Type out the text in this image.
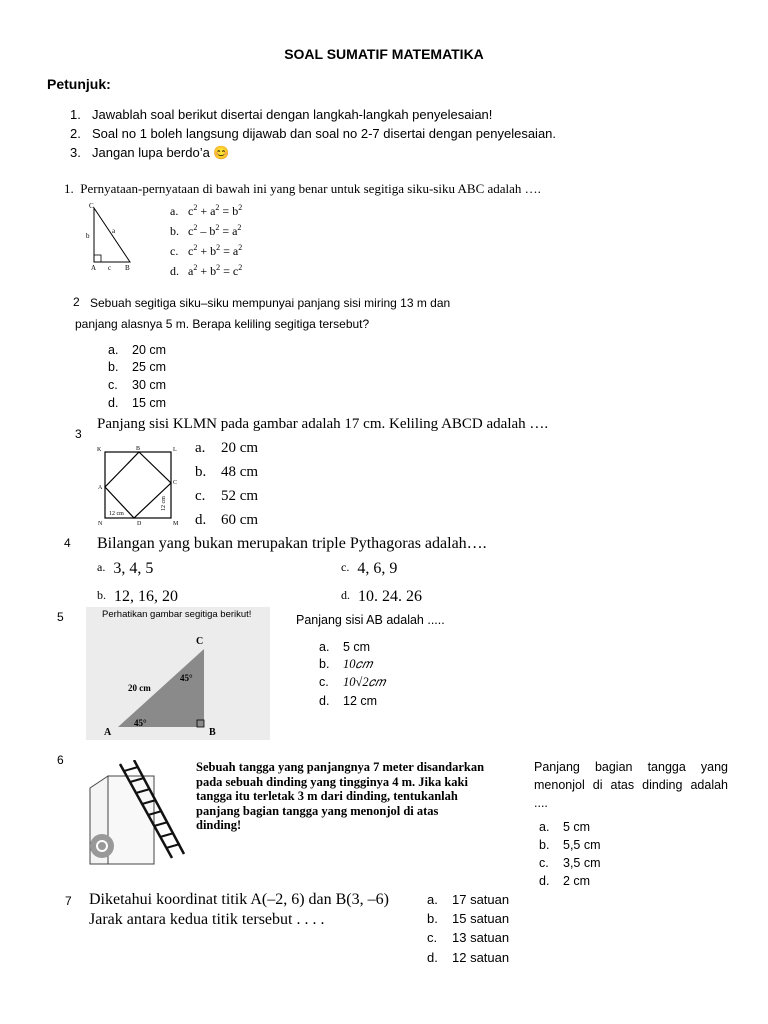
SOAL SUMATIF MATEMATIKA
Petunjuk:
1. Jawablah soal berikut disertai dengan langkah-langkah penyelesaian!
2. Soal no 1 boleh langsung dijawab dan soal no 2-7 disertai dengan penyelesaian.
3. Jangan lupa berdo’a 😊
1. Pernyataan-pernyataan di bawah ini yang benar untuk segitiga siku-siku ABC adalah ….
C
b
a
A c B
a. $c^2 + a^2 = b^2$
b. $c^2 - b^2 = a^2$
c. $c^2 + b^2 = a^2$
d. $a^2 + b^2 = c^2$
2 Sebuah segitiga siku–siku mempunyai panjang sisi miring 13 m dan
panjang alasnya 5 m. Berapa keliling segitiga tersebut?
a. 20 cm
b. 25 cm
c. 30 cm
d. 15 cm
3
Panjang sisi KLMN pada gambar adalah 17 cm. Keliling ABCD adalah ….
K	B	L
A
C
N	D	M
12 cm
12 cm
a. 20 cm
b. 48 cm
c. 52 cm
d. 60 cm
4 Bilangan yang bukan merupakan triple Pythagoras adalah….
$^{a.}$ 3, 4, 5
$^{b.}$ 12, 16, 20
$^{c.}$ 4, 6, 9
$^{d.}$ 10. 24. 26
5	Perhatikan gambar segitiga berikut!
C
20 cm
45°
45°
A	B
Panjang sisi AB adalah .....
a. 5 cm
b. 10𝑐𝑚
c. 10√2𝑐𝑚
d. 12 cm
6	Sebuah tangga yang panjangnya 7 meter disandarkan
pada sebuah dinding yang tingginya 4 m. Jika kaki
tangga itu terletak 3 m dari dinding, tentukanlah
panjang bagian tangga yang menonjol di atas
dinding!
Panjang bagian tangga yang
menonjol di atas dinding adalah
....
a. 5 cm
b. 5,5 cm
c. 3,5 cm
d. 2 cm
7 Diketahui koordinat titik A(–2, 6) dan B(3, –6)
Jarak antara kedua titik tersebut . . . .
a. 17 satuan
b. 15 satuan
c. 13 satuan
d. 12 satuan
